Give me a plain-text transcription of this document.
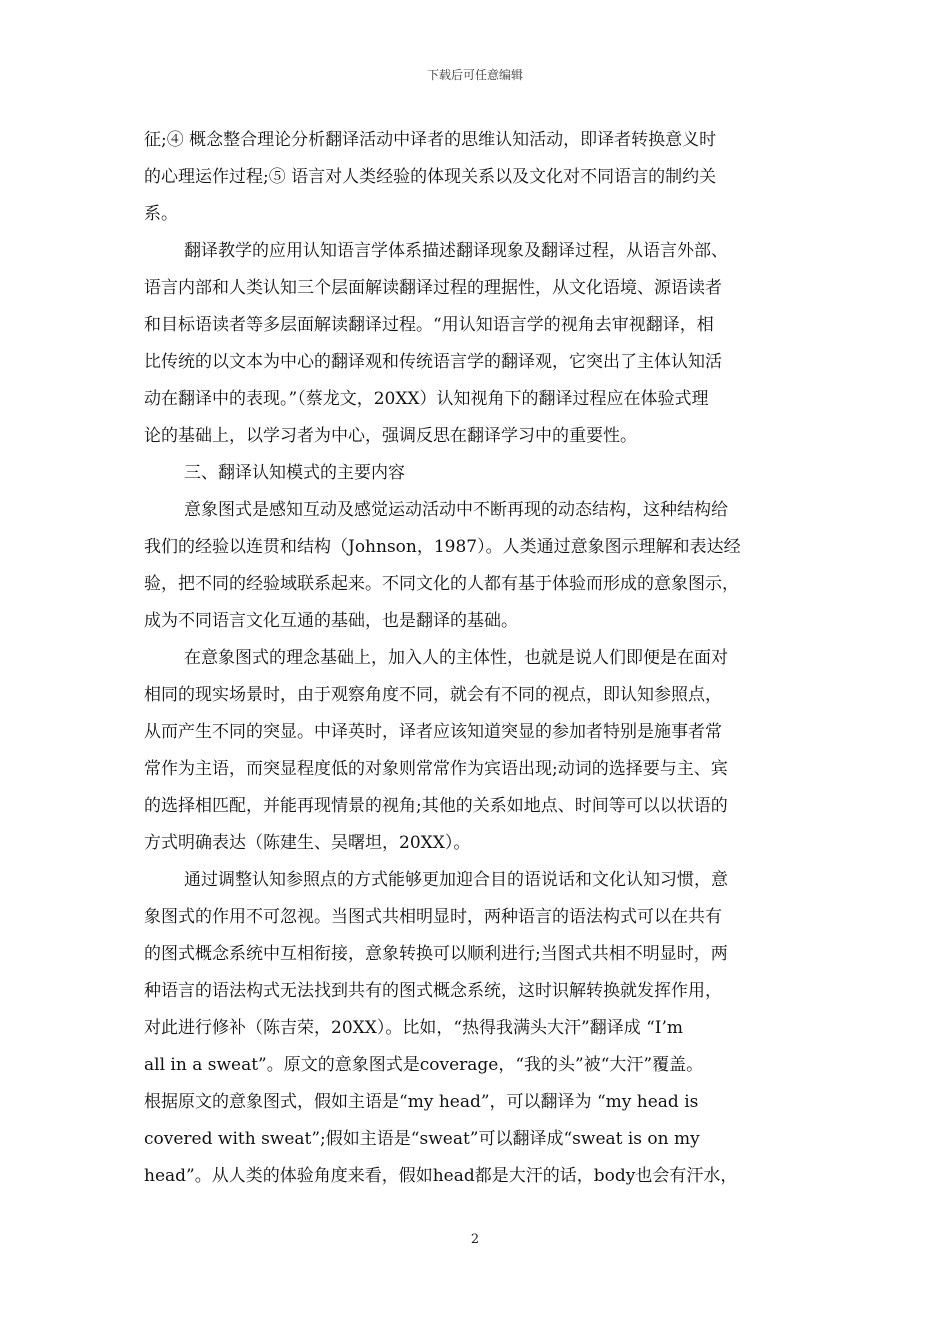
下载后可任意编辑
征;④ 概念整合理论分析翻译活动中译者的思维认知活动，即译者转换意义时
的心理运作过程;⑤ 语言对人类经验的体现关系以及文化对不同语言的制约关
系。
翻译教学的应用认知语言学体系描述翻译现象及翻译过程，从语言外部、
语言内部和人类认知三个层面解读翻译过程的理据性，从文化语境、源语读者
和目标语读者等多层面解读翻译过程。“用认知语言学的视角去审视翻译，相
比传统的以文本为中心的翻译观和传统语言学的翻译观，它突出了主体认知活
动在翻译中的表现。”（蔡龙文，20XX）认知视角下的翻译过程应在体验式理
论的基础上，以学习者为中心，强调反思在翻译学习中的重要性。
三、翻译认知模式的主要内容
意象图式是感知互动及感觉运动活动中不断再现的动态结构，这种结构给
我们的经验以连贯和结构（Johnson，1987）。人类通过意象图示理解和表达经
验，把不同的经验域联系起来。不同文化的人都有基于体验而形成的意象图示，
成为不同语言文化互通的基础，也是翻译的基础。
在意象图式的理念基础上，加入人的主体性，也就是说人们即便是在面对
相同的现实场景时，由于观察角度不同，就会有不同的视点，即认知参照点，
从而产生不同的突显。中译英时，译者应该知道突显的参加者特别是施事者常
常作为主语，而突显程度低的对象则常常作为宾语出现;动词的选择要与主、宾
的选择相匹配，并能再现情景的视角;其他的关系如地点、时间等可以以状语的
方式明确表达（陈建生、吴曙坦，20XX）。
通过调整认知参照点的方式能够更加迎合目的语说话和文化认知习惯，意
象图式的作用不可忽视。当图式共相明显时，两种语言的语法构式可以在共有
的图式概念系统中互相衔接，意象转换可以顺利进行;当图式共相不明显时，两
种语言的语法构式无法找到共有的图式概念系统，这时识解转换就发挥作用，
对此进行修补（陈吉荣，20XX）。比如，“热得我满头大汗”翻译成 “I’m
all in a sweat”。原文的意象图式是coverage，“我的头”被“大汗”覆盖。
根据原文的意象图式，假如主语是“my head”，可以翻译为 “my head is
covered with sweat”;假如主语是“sweat”可以翻译成“sweat is on my
head”。从人类的体验角度来看，假如head都是大汗的话，body也会有汗水，
2
